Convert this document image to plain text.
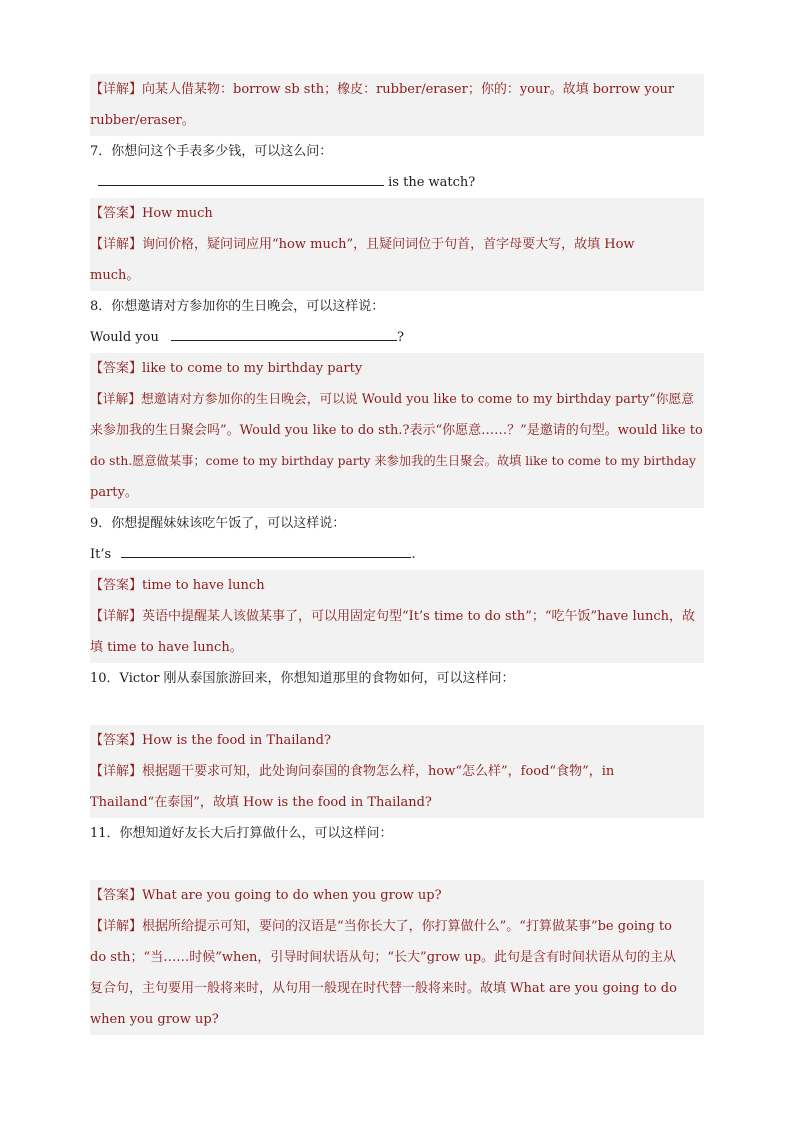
【详解】向某人借某物：borrow sb sth；橡皮：rubber/eraser；你的：your。故填 borrow your
rubber/eraser。
7．你想问这个手表多少钱，可以这么问：
is the watch?
【答案】How much
【详解】询问价格，疑问词应用“how much”，且疑问词位于句首，首字母要大写，故填 How
much。
8．你想邀请对方参加你的生日晚会，可以这样说：
Would you	?
【答案】like to come to my birthday party
【详解】想邀请对方参加你的生日晚会，可以说 Would you like to come to my birthday party“你愿意
来参加我的生日聚会吗”。Would you like to do sth.?表示“你愿意……？”是邀请的句型。would like to
do sth.愿意做某事；come to my birthday party 来参加我的生日聚会。故填 like to come to my birthday
party。
9．你想提醒妹妹该吃午饭了，可以这样说：
It’s	.
【答案】time to have lunch
【详解】英语中提醒某人该做某事了，可以用固定句型“It’s time to do sth”；“吃午饭”have lunch，故
填 time to have lunch。
10．Victor 刚从泰国旅游回来，你想知道那里的食物如何，可以这样问：
【答案】How is the food in Thailand?
【详解】根据题干要求可知，此处询问泰国的食物怎么样，how“怎么样”，food“食物”，in
Thailand“在泰国”，故填 How is the food in Thailand?
11．你想知道好友长大后打算做什么，可以这样问：
【答案】What are you going to do when you grow up?
【详解】根据所给提示可知，要问的汉语是“当你长大了，你打算做什么”。“打算做某事”be going to
do sth；“当……时候”when，引导时间状语从句；“长大”grow up。此句是含有时间状语从句的主从
复合句，主句要用一般将来时，从句用一般现在时代替一般将来时。故填 What are you going to do
when you grow up?
